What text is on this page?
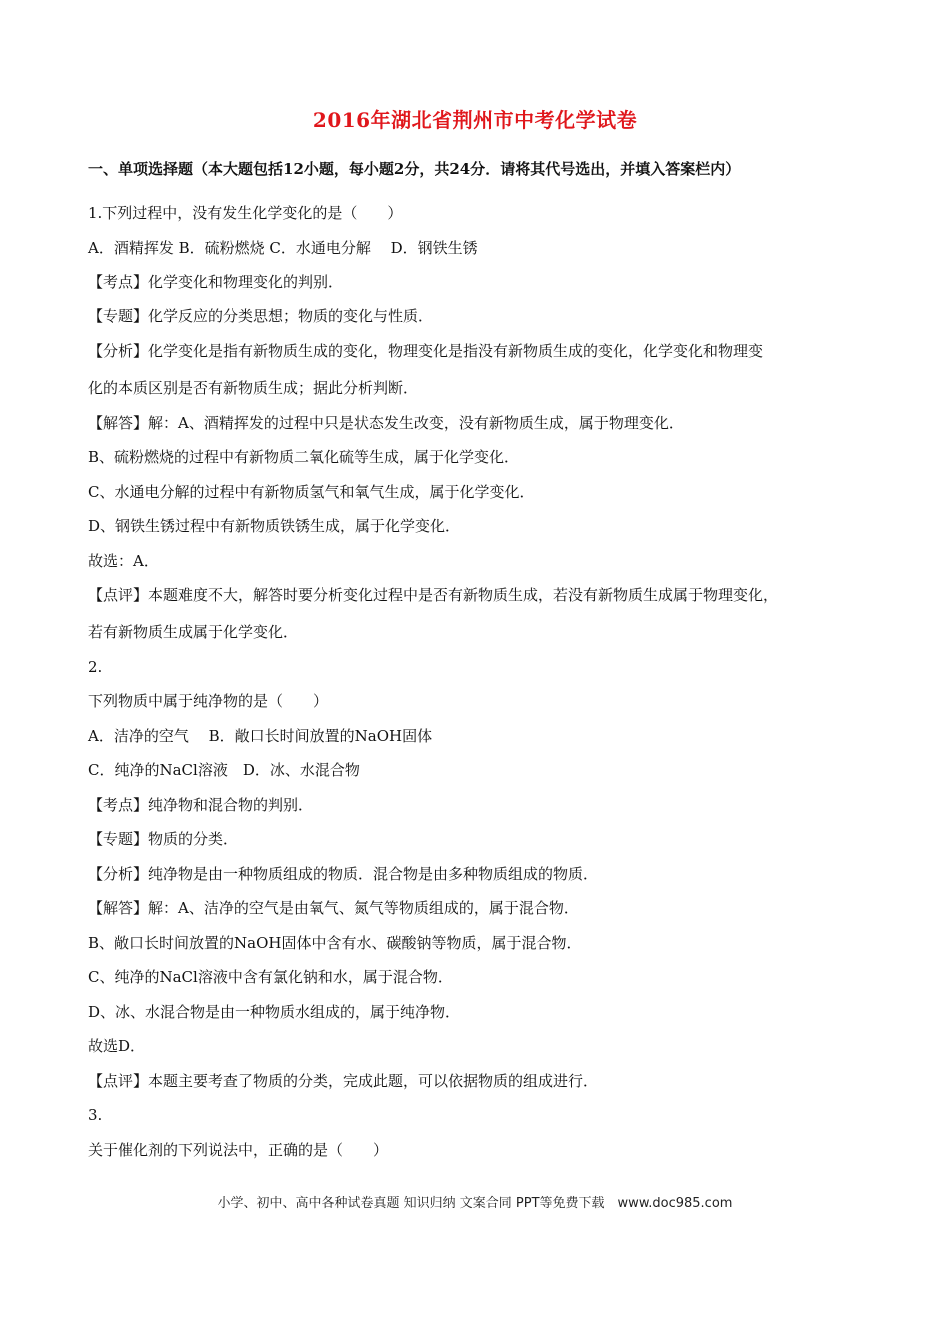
2016年湖北省荆州市中考化学试卷
一、单项选择题（本大题包括12小题，每小题2分，共24分．请将其代号选出，并填入答案栏内）
1.下列过程中，没有发生化学变化的是（　　）
A．酒精挥发 B．硫粉燃烧 C．水通电分解　 D．钢铁生锈
【考点】化学变化和物理变化的判别．
【专题】化学反应的分类思想；物质的变化与性质．
【分析】化学变化是指有新物质生成的变化，物理变化是指没有新物质生成的变化，化学变化和物理变
化的本质区别是否有新物质生成；据此分析判断．
【解答】解：A、酒精挥发的过程中只是状态发生改变，没有新物质生成，属于物理变化．
B、硫粉燃烧的过程中有新物质二氧化硫等生成，属于化学变化．
C、水通电分解的过程中有新物质氢气和氧气生成，属于化学变化．
D、钢铁生锈过程中有新物质铁锈生成，属于化学变化．
故选：A．
【点评】本题难度不大，解答时要分析变化过程中是否有新物质生成，若没有新物质生成属于物理变化，
若有新物质生成属于化学变化．
2.
下列物质中属于纯净物的是（　　）
A．洁净的空气　 B．敞口长时间放置的NaOH固体
C．纯净的NaCl溶液　D．冰、水混合物
【考点】纯净物和混合物的判别．
【专题】物质的分类．
【分析】纯净物是由一种物质组成的物质．混合物是由多种物质组成的物质．
【解答】解：A、洁净的空气是由氧气、氮气等物质组成的，属于混合物．
B、敞口长时间放置的NaOH固体中含有水、碳酸钠等物质，属于混合物．
C、纯净的NaCl溶液中含有氯化钠和水，属于混合物．
D、冰、水混合物是由一种物质水组成的，属于纯净物．
故选D．
【点评】本题主要考查了物质的分类，完成此题，可以依据物质的组成进行．
3.
关于催化剂的下列说法中，正确的是（　　）
小学、初中、高中各种试卷真题 知识归纳 文案合同 PPT等免费下载　www.doc985.com
